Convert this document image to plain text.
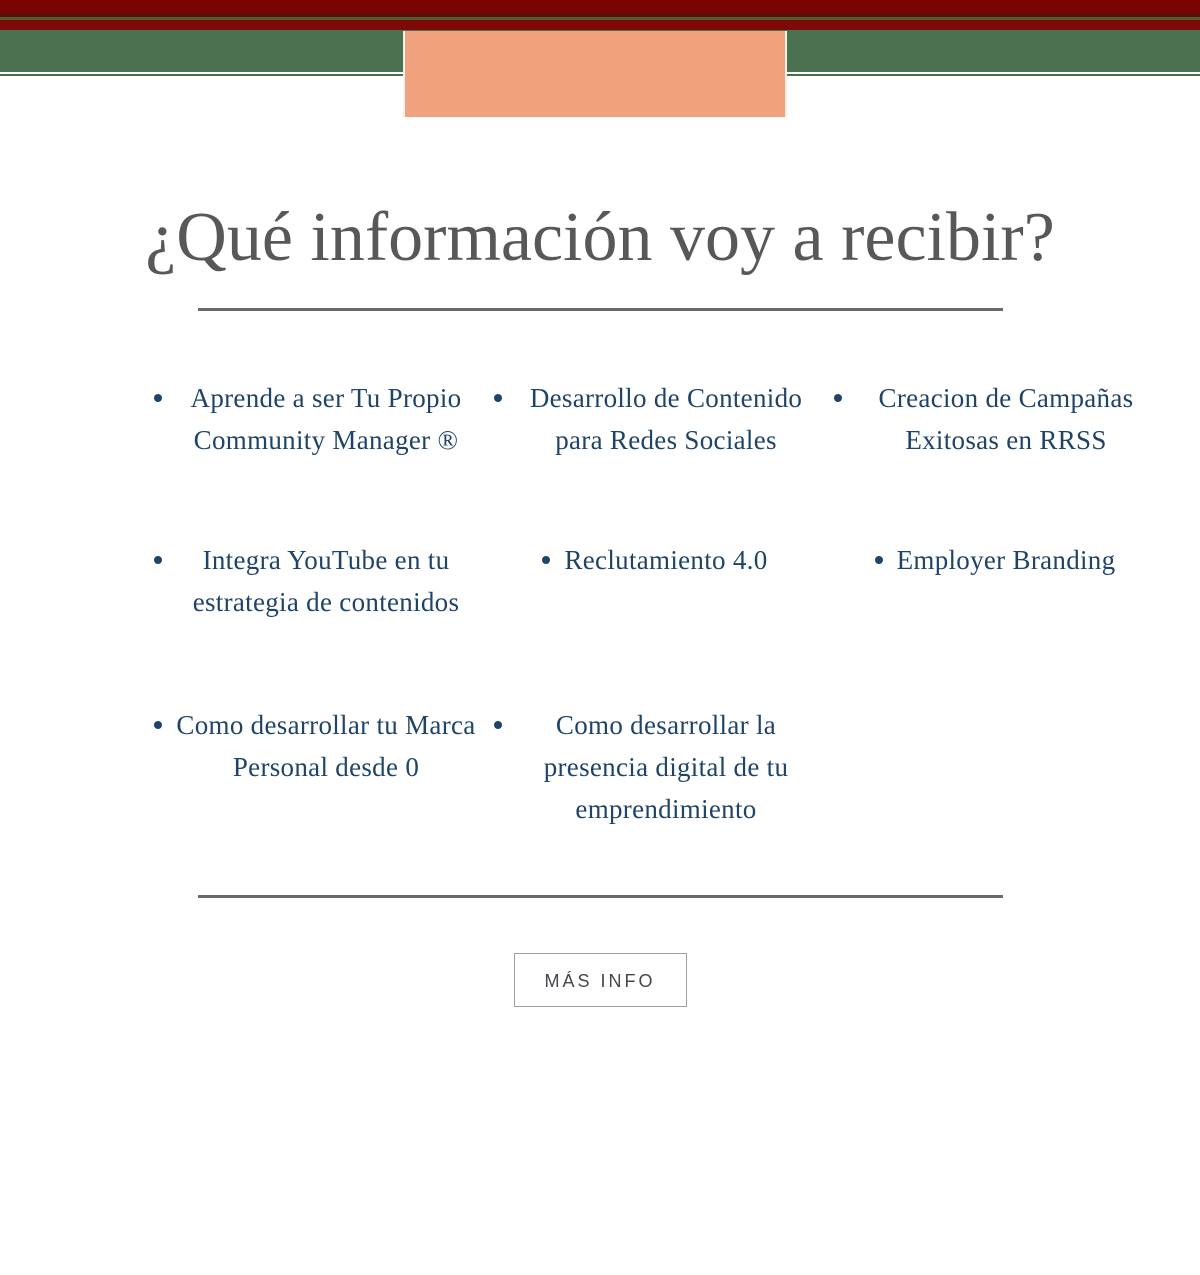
¿Qué información voy a recibir?
Aprende a ser Tu Propio Community Manager ®
Desarrollo de Contenido para Redes Sociales
Creacion de Campañas Exitosas en RRSS
Integra YouTube en tu estrategia de contenidos
Reclutamiento 4.0	Employer Branding
Como desarrollar tu Marca Personal desde 0
Como desarrollar la presencia digital de tu emprendimiento
MÁS INFO
